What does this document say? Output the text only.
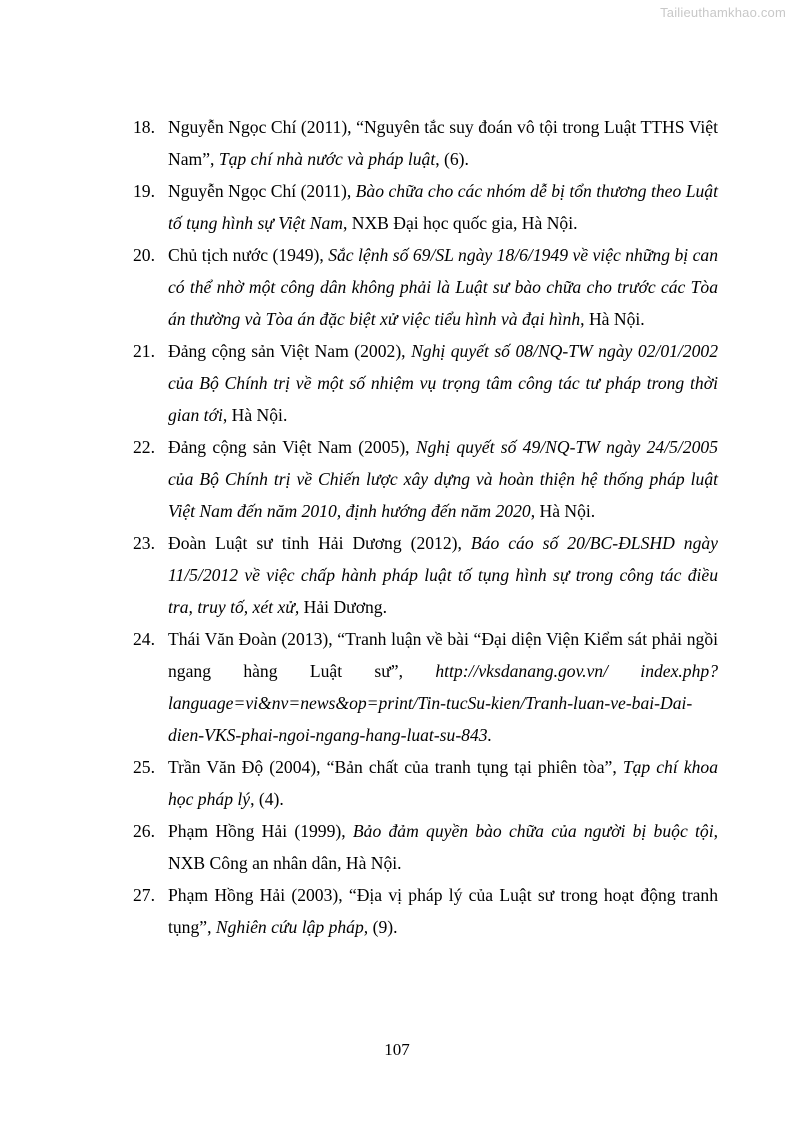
Tailieuthamkhao.com
18. Nguyễn Ngọc Chí (2011), “Nguyên tắc suy đoán vô tội trong Luật TTHS Việt Nam”, Tạp chí nhà nước và pháp luật, (6).
19. Nguyễn Ngọc Chí (2011), Bào chữa cho các nhóm dễ bị tổn thương theo Luật tố tụng hình sự Việt Nam, NXB Đại học quốc gia, Hà Nội.
20. Chủ tịch nước (1949), Sắc lệnh số 69/SL ngày 18/6/1949 về việc những bị can có thể nhờ một công dân không phải là Luật sư bào chữa cho trước các Tòa án thường và Tòa án đặc biệt xử việc tiểu hình và đại hình, Hà Nội.
21. Đảng cộng sản Việt Nam (2002), Nghị quyết số 08/NQ-TW ngày 02/01/2002 của Bộ Chính trị về một số nhiệm vụ trọng tâm công tác tư pháp trong thời gian tới, Hà Nội.
22. Đảng cộng sản Việt Nam (2005), Nghị quyết số 49/NQ-TW ngày 24/5/2005 của Bộ Chính trị về Chiến lược xây dựng và hoàn thiện hệ thống pháp luật Việt Nam đến năm 2010, định hướng đến năm 2020, Hà Nội.
23. Đoàn Luật sư tỉnh Hải Dương (2012), Báo cáo số 20/BC-ĐLSHD ngày 11/5/2012 về việc chấp hành pháp luật tố tụng hình sự trong công tác điều tra, truy tố, xét xử, Hải Dương.
24. Thái Văn Đoàn (2013), “Tranh luận về bài “Đại diện Viện Kiểm sát phải ngồi ngang hàng Luật sư”, http://vksdanang.gov.vn/ index.php? language=vi&nv=news&op=print/Tin-tucSu-kien/Tranh-luan-ve-bai-Dai-dien-VKS-phai-ngoi-ngang-hang-luat-su-843.
25. Trần Văn Độ (2004), “Bản chất của tranh tụng tại phiên tòa”, Tạp chí khoa học pháp lý, (4).
26. Phạm Hồng Hải (1999), Bảo đảm quyền bào chữa của người bị buộc tội, NXB Công an nhân dân, Hà Nội.
27. Phạm Hồng Hải (2003), “Địa vị pháp lý của Luật sư trong hoạt động tranh tụng”, Nghiên cứu lập pháp, (9).
107
